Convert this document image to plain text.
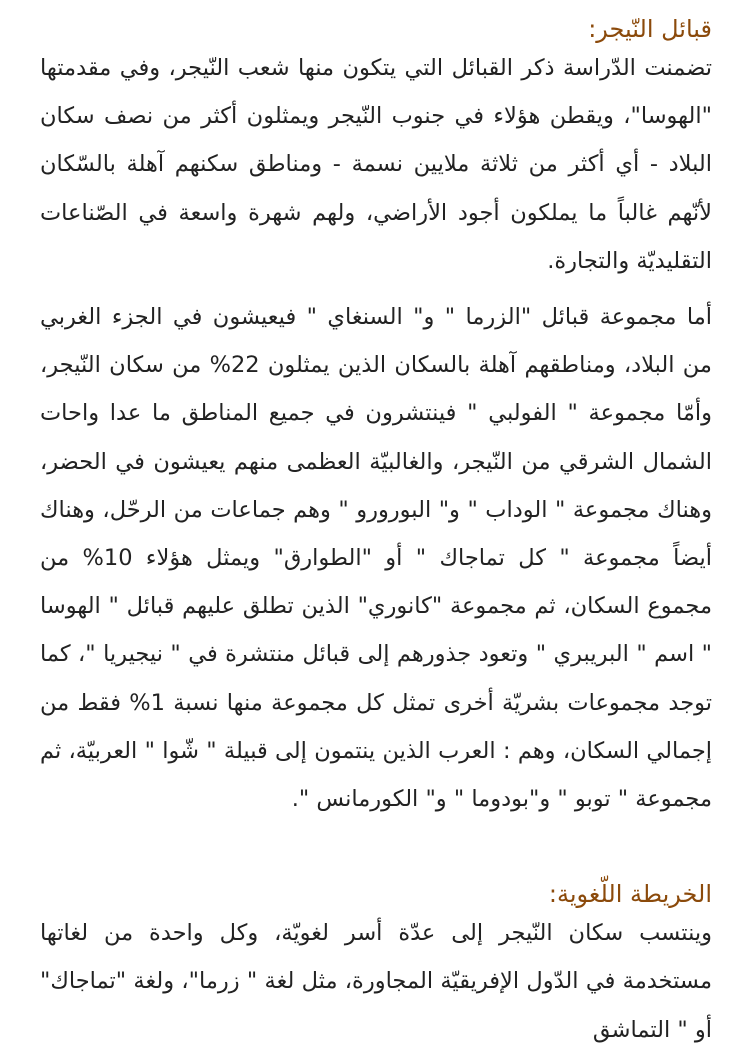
قبائل النّيجر:

تضمنت الدّراسة ذكر القبائل التي يتكون منها شعب النّيجر، وفي مقدمتها "الهوسا"، ويقطن هؤلاء في جنوب النّيجر ويمثلون أكثر من نصف سكان البلاد - أي أكثر من ثلاثة ملايين نسمة - ومناطق سكنهم آهلة بالسّكان لأنّهم غالباً ما يملكون أجود الأراضي، ولهم شهرة واسعة في الصّناعات التقليديّة والتجارة.

أما مجموعة قبائل "الزرما " و" السنغاي " فيعيشون في الجزء الغربي من البلاد، ومناطقهم آهلة بالسكان الذين يمثلون 22% من سكان النّيجر، وأمّا مجموعة " الفولبي " فينتشرون في جميع المناطق ما عدا واحات الشمال الشرقي من النّيجر، والغالبيّة العظمى منهم يعيشون في الحضر، وهناك مجموعة " الوداب " و" البورورو " وهم جماعات من الرحّل، وهناك أيضاً مجموعة " كل تماجاك " أو "الطوارق" ويمثل هؤلاء 10% من مجموع السكان، ثم مجموعة "كانوري" الذين تطلق عليهم قبائل " الهوسا " اسم " البريبري " وتعود جذورهم إلى قبائل منتشرة في " نيجيريا "، كما توجد مجموعات بشريّة أخرى تمثل كل مجموعة منها نسبة 1% فقط من إجمالي السكان، وهم : العرب الذين ينتمون إلى قبيلة " شّوا " العربيّة، ثم مجموعة " توبو " و"بودوما " و" الكورمانس ".

الخريطة اللّغوية:

وينتسب سكان النّيجر إلى عدّة أسر لغويّة، وكل واحدة من لغاتها مستخدمة في الدّول الإفريقيّة المجاورة، مثل لغة " زرما"، ولغة "تماجاك" أو " التماشق
